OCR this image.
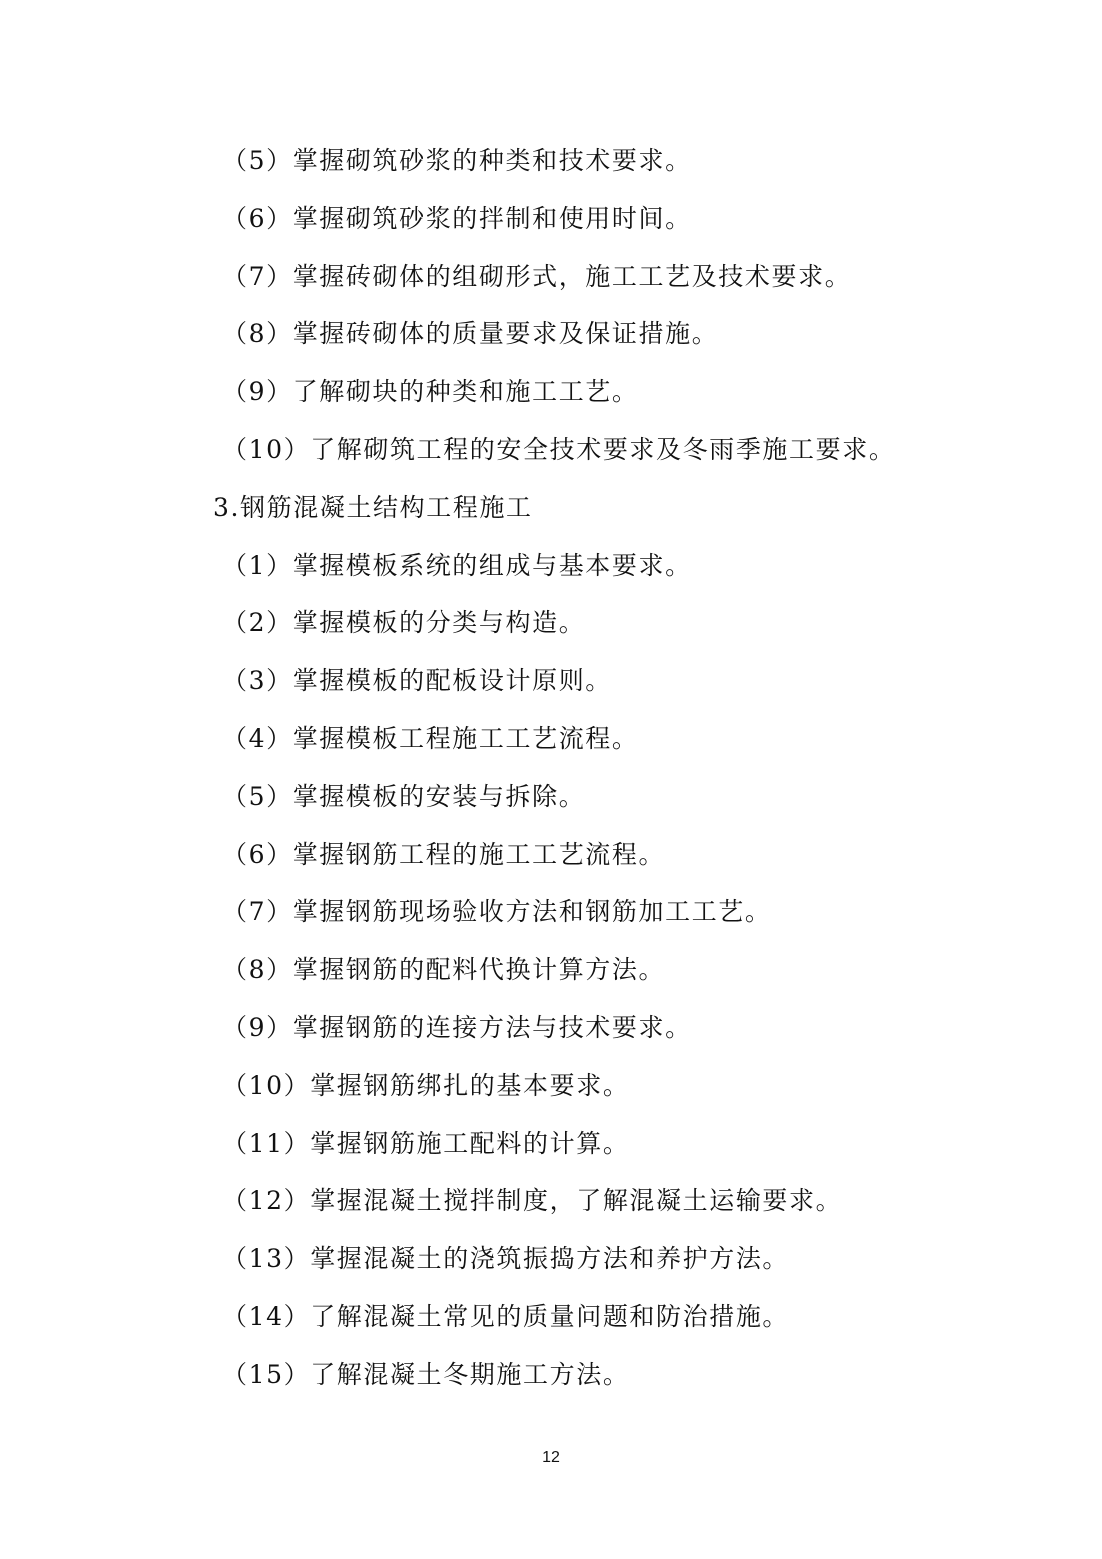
（5）掌握砌筑砂浆的种类和技术要求。
（6）掌握砌筑砂浆的拌制和使用时间。
（7）掌握砖砌体的组砌形式，施工工艺及技术要求。
（8）掌握砖砌体的质量要求及保证措施。
（9）了解砌块的种类和施工工艺。
（10）了解砌筑工程的安全技术要求及冬雨季施工要求。
3.钢筋混凝土结构工程施工
（1）掌握模板系统的组成与基本要求。
（2）掌握模板的分类与构造。
（3）掌握模板的配板设计原则。
（4）掌握模板工程施工工艺流程。
（5）掌握模板的安装与拆除。
（6）掌握钢筋工程的施工工艺流程。
（7）掌握钢筋现场验收方法和钢筋加工工艺。
（8）掌握钢筋的配料代换计算方法。
（9）掌握钢筋的连接方法与技术要求。
（10）掌握钢筋绑扎的基本要求。
（11）掌握钢筋施工配料的计算。
（12）掌握混凝土搅拌制度，了解混凝土运输要求。
（13）掌握混凝土的浇筑振捣方法和养护方法。
（14）了解混凝土常见的质量问题和防治措施。
（15）了解混凝土冬期施工方法。
12
